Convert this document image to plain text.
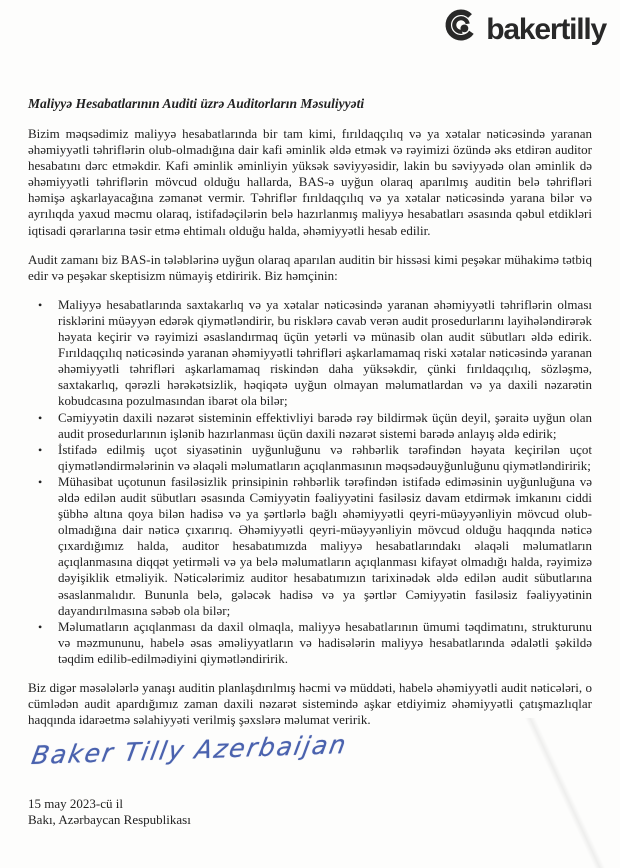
bakertilly
Maliyyə Hesabatlarının Auditi üzrə Auditorların Məsuliyyəti

Bizim məqsədimiz maliyyə hesabatlarında bir tam kimi, fırıldaqçılıq və ya xətalar nəticəsində yaranan əhəmiyyətli təhriflərin olub-olmadığına dair kafi əminlik əldə etmək və rəyimizi özündə əks etdirən auditor hesabatını dərc etməkdir. Kafi əminlik əminliyin yüksək səviyyəsidir, lakin bu səviyyədə olan əminlik də əhəmiyyətli təhriflərin mövcud olduğu hallarda, BAS-ə uyğun olaraq aparılmış auditin belə təhrifləri həmişə aşkarlayacağına zəmanət vermir. Təhriflər fırıldaqçılıq və ya xətalar nəticəsində yarana bilər və ayrılıqda yaxud məcmu olaraq, istifadəçilərin belə hazırlanmış maliyyə hesabatları əsasında qəbul etdikləri iqtisadi qərarlarına təsir etmə ehtimalı olduğu halda, əhəmiyyətli hesab edilir.

Audit zamanı biz BAS-in tələblərinə uyğun olaraq aparılan auditin bir hissəsi kimi peşəkar mühakimə tətbiq edir və peşəkar skeptisizm nümayiş etdiririk. Biz həmçinin:

•	Maliyyə hesabatlarında saxtakarlıq və ya xətalar nəticəsində yaranan əhəmiyyətli təhriflərin olması risklərini müəyyən edərək qiymətləndirir, bu risklərə cavab verən audit prosedurlarını layihələndirərək həyata keçirir və rəyimizi əsaslandırmaq üçün yetərli və münasib olan audit sübutları əldə edirik. Fırıldaqçılıq nəticəsində yaranan əhəmiyyətli təhrifləri aşkarlamamaq riski xətalar nəticəsində yaranan əhəmiyyətli təhrifləri aşkarlamamaq riskindən daha yüksəkdir, çünki fırıldaqçılıq, sözləşmə, saxtakarlıq, qərəzli hərəkətsizlik, həqiqətə uyğun olmayan məlumatlardan və ya daxili nəzarətin kobudcasına pozulmasından ibarət ola bilər;
•	Cəmiyyətin daxili nəzarət sisteminin effektivliyi barədə rəy bildirmək üçün deyil, şəraitə uyğun olan audit prosedurlarının işlənib hazırlanması üçün daxili nəzarət sistemi barədə anlayış əldə edirik;
•	İstifadə edilmiş uçot siyasətinin uyğunluğunu və rəhbərlik tərəfindən həyata keçirilən uçot qiymətləndirmələrinin və əlaqəli məlumatların açıqlanmasının məqsədəuyğunluğunu qiymətləndiririk;
•	Mühasibat uçotunun fasiləsizlik prinsipinin rəhbərlik tərəfindən istifadə ediməsinin uyğunluğuna və əldə edilən audit sübutları əsasında Cəmiyyətin fəaliyyətini fasiləsiz davam etdirmək imkanını ciddi şübhə altına qoya bilən hadisə və ya şərtlərlə bağlı əhəmiyyətli qeyri-müəyyənliyin mövcud olub-olmadığına dair nəticə çıxarırıq. Əhəmiyyətli qeyri-müəyyənliyin mövcud olduğu haqqında nəticə çıxardığımız halda, auditor hesabatımızda maliyyə hesabatlarındakı əlaqəli məlumatların açıqlanmasına diqqət yetirməli və ya belə məlumatların açıqlanması kifayət olmadığı halda, rəyimizə dəyişiklik etməliyik. Nəticələrimiz auditor hesabatımızın tarixinədək əldə edilən audit sübutlarına əsaslanmalıdır. Bununla belə, gələcək hadisə və ya şərtlər Cəmiyyətin fasiləsiz fəaliyyətinin dayandırılmasına səbəb ola bilər;
•	Məlumatların açıqlanması da daxil olmaqla, maliyyə hesabatlarının ümumi təqdimatını, strukturunu və məzmununu, habelə əsas əməliyyatların və hadisələrin maliyyə hesabatlarında ədalətli şəkildə təqdim edilib-edilmədiyini qiymətləndiririk.

Biz digər məsələlərlə yanaşı auditin planlaşdırılmış həcmi və müddəti, habelə əhəmiyyətli audit nəticələri, o cümlədən audit apardığımız zaman daxili nəzarət sistemində aşkar etdiyimiz əhəmiyyətli çatışmazlıqlar haqqında idarəetmə səlahiyyəti verilmiş şəxslərə məlumat veririk.

Baker Tilly Azerbaijan
15 may 2023-cü il
Bakı, Azərbaycan Respublikası
